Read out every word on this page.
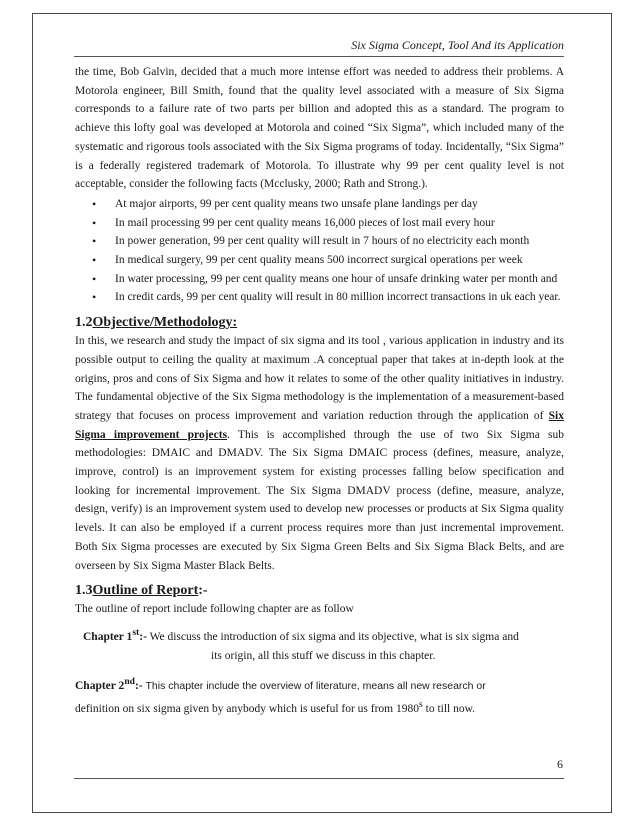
Six Sigma Concept, Tool And its Application

the time, Bob Galvin, decided that a much more intense effort was needed to address their problems. A Motorola engineer, Bill Smith, found that the quality level associated with a measure of Six Sigma corresponds to a failure rate of two parts per billion and adopted this as a standard. The program to achieve this lofty goal was developed at Motorola and coined “Six Sigma”, which included many of the systematic and rigorous tools associated with the Six Sigma programs of today. Incidentally, “Six Sigma” is a federally registered trademark of Motorola. To illustrate why 99 per cent quality level is not acceptable, consider the following facts (Mcclusky, 2000; Rath and Strong.).

• At major airports, 99 per cent quality means two unsafe plane landings per day
• In mail processing 99 per cent quality means 16,000 pieces of lost mail every hour
• In power generation, 99 per cent quality will result in 7 hours of no electricity each month
• In medical surgery, 99 per cent quality means 500 incorrect surgical operations per week
• In water processing, 99 per cent quality means one hour of unsafe drinking water per month and
• In credit cards, 99 per cent quality will result in 80 million incorrect transactions in uk each year.
1.2Objective/Methodology:

In this, we research and study the impact of six sigma and its tool , various application in industry and its possible output to ceiling the quality at maximum .A conceptual paper that takes at in-depth look at the origins, pros and cons of Six Sigma and how it relates to some of the other quality initiatives in industry. The fundamental objective of the Six Sigma methodology is the implementation of a measurement-based strategy that focuses on process improvement and variation reduction through the application of Six Sigma improvement projects. This is accomplished through the use of two Six Sigma sub methodologies: DMAIC and DMADV. The Six Sigma DMAIC process (defines, measure, analyze, improve, control) is an improvement system for existing processes falling below specification and looking for incremental improvement. The Six Sigma DMADV process (define, measure, analyze, design, verify) is an improvement system used to develop new processes or products at Six Sigma quality levels. It can also be employed if a current process requires more than just incremental improvement. Both Six Sigma processes are executed by Six Sigma Green Belts and Six Sigma Black Belts, and are overseen by Six Sigma Master Black Belts.

1.3Outline of Report:-

The outline of report include following chapter are as follow

Chapter 1st:- We discuss the introduction of six sigma and its objective, what is six sigma and
its origin, all this stuff we discuss in this chapter.
Chapter 2nd:- This chapter include the overview of literature, means all new research or
definition on six sigma given by anybody which is useful for us from 1980$^s$ to till now.
6
